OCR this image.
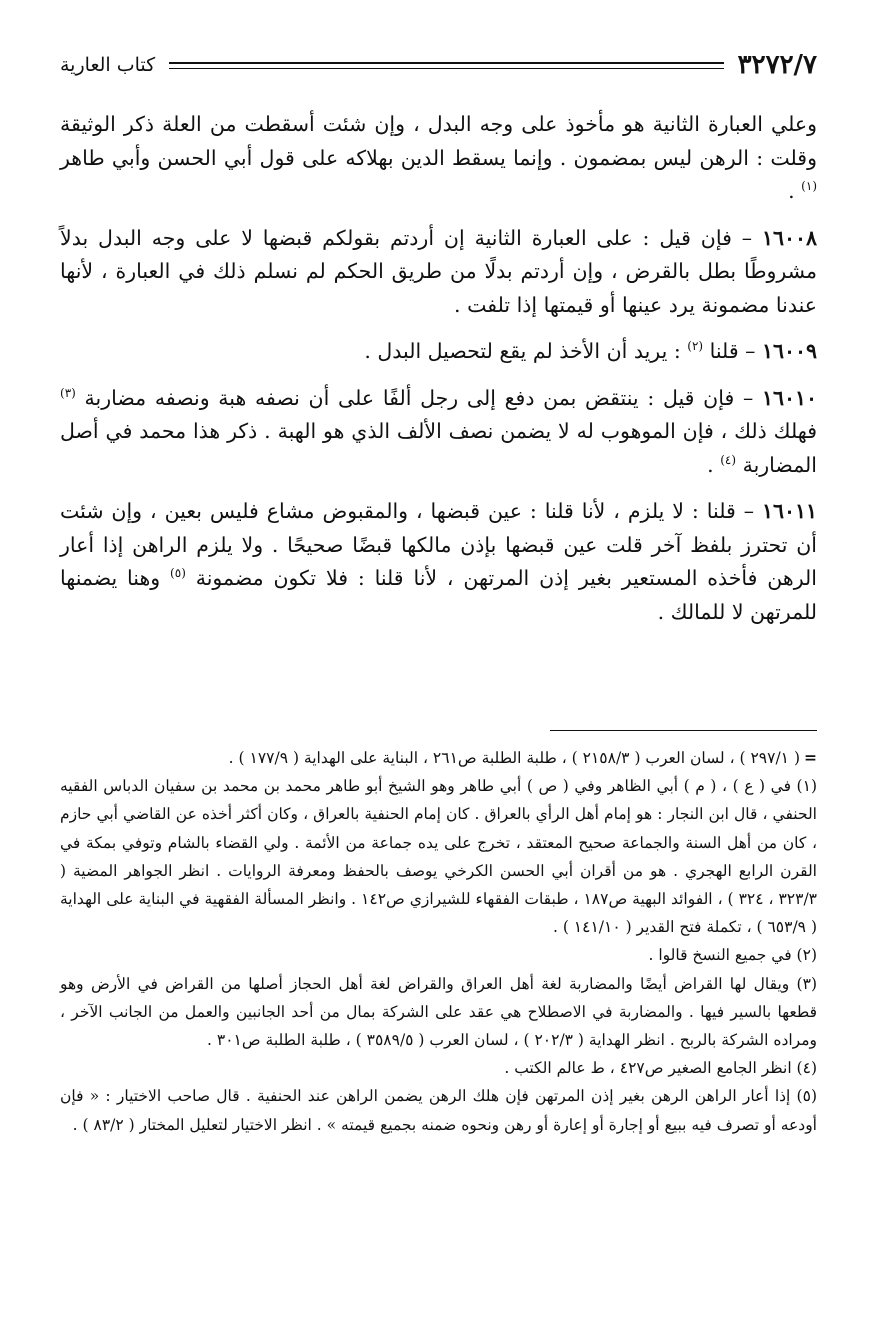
٣٢٧٢/٧
كتاب العارية

وعلي العبارة الثانية هو مأخوذ على وجه البدل ، وإن شئت أسقطت من العلة ذكر الوثيقة وقلت : الرهن ليس بمضمون . وإنما يسقط الدين بهلاكه على قول أبي الحسن وأبي طاهر $^{(١)}$ .

١٦٠٠٨ – فإن قيل : على العبارة الثانية إن أردتم بقولكم قبضها لا على وجه البدل بدلاً مشروطًا بطل بالقرض ، وإن أردتم بدلًا من طريق الحكم لم نسلم ذلك في العبارة ، لأنها عندنا مضمونة يرد عينها أو قيمتها إذا تلفت .

١٦٠٠٩ – قلنا $^{(٢)}$ : يريد أن الأخذ لم يقع لتحصيل البدل .

١٦٠١٠ – فإن قيل : ينتقض بمن دفع إلى رجل ألفًا على أن نصفه هبة ونصفه مضاربة $^{(٣)}$ فهلك ذلك ، فإن الموهوب له لا يضمن نصف الألف الذي هو الهبة . ذكر هذا محمد في أصل المضاربة $^{(٤)}$ .

١٦٠١١ – قلنا : لا يلزم ، لأنا قلنا : عين قبضها ، والمقبوض مشاع فليس بعين ، وإن شئت أن تحترز بلفظ آخر قلت عين قبضها بإذن مالكها قبضًا صحيحًا . ولا يلزم الراهن إذا أعار الرهن فأخذه المستعير بغير إذن المرتهن ، لأنا قلنا : فلا تكون مضمونة $^{(٥)}$ وهنا يضمنها للمرتهن لا للمالك .

=( ٢٩٧/١ ) ، لسان العرب ( ٢١٥٨/٣ ) ، طلبة الطلبة ص٢٦١ ، البناية على الهداية ( ١٧٧/٩ ) .

(١) في ( ع ) ، ( م ) أبي الظاهر وفي ( ص ) أبي طاهر وهو الشيخ أبو طاهر محمد بن محمد بن سفيان الدباس الفقيه الحنفي ، قال ابن النجار : هو إمام أهل الرأي بالعراق . كان إمام الحنفية بالعراق ، وكان أكثر أخذه عن القاضي أبي حازم ، كان من أهل السنة والجماعة صحيح المعتقد ، تخرج على يده جماعة من الأئمة . ولي القضاء بالشام وتوفي بمكة في القرن الرابع الهجري . هو من أقران أبي الحسن الكرخي يوصف بالحفظ ومعرفة الروايات . انظر الجواهر المضية ( ٣٢٣/٣ ، ٣٢٤ ) ، الفوائد البهية ص١٨٧ ، طبقات الفقهاء للشيرازي ص١٤٢ . وانظر المسألة الفقهية في البناية على الهداية ( ٦٥٣/٩ ) ، تكملة فتح القدير ( ١٤١/١٠ ) .

(٢) في جميع النسخ قالوا .

(٣) ويقال لها القراض أيضًا والمضاربة لغة أهل العراق والقراض لغة أهل الحجاز أصلها من القراض في الأرض وهو قطعها بالسير فيها . والمضاربة في الاصطلاح هي عقد على الشركة بمال من أحد الجانبين والعمل من الجانب الآخر ، ومراده الشركة بالربح . انظر الهداية ( ٢٠٢/٣ ) ، لسان العرب ( ٣٥٨٩/٥ ) ، طلبة الطلبة ص٣٠١ .

(٤) انظر الجامع الصغير ص٤٢٧ ، ط عالم الكتب .

(٥) إذا أعار الراهن الرهن بغير إذن المرتهن فإن هلك الرهن يضمن الراهن عند الحنفية . قال صاحب الاختيار : « فإن أودعه أو تصرف فيه ببيع أو إجارة أو إعارة أو رهن ونحوه ضمنه بجميع قيمته » . انظر الاختيار لتعليل المختار ( ٨٣/٢ ) .
